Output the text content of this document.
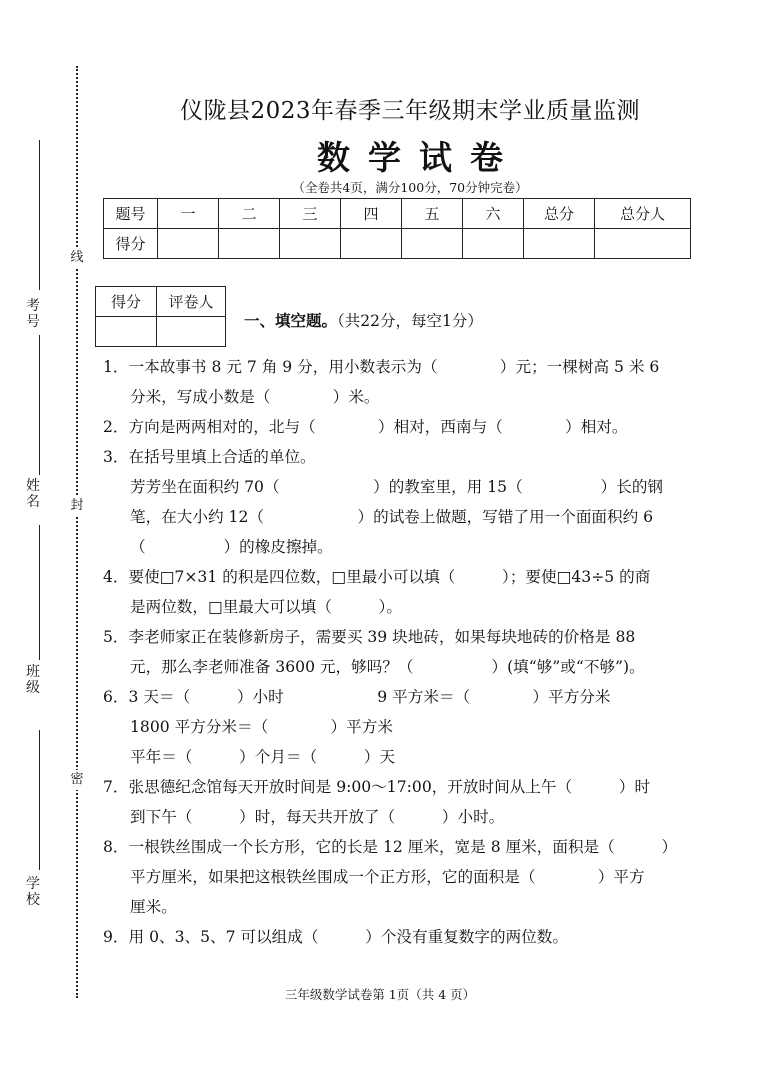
考号
姓名
班级
学校
线
封
密
仪陇县2023年春季三年级期末学业质量监测
数学试卷
（全卷共4页，满分100分，70分钟完卷）
题号	一	二	三	四	五	六	总分	总分人
得分								
得分	评卷人

一、填空题。（共22分，每空1分）
1．一本故事书 8 元 7 角 9 分，用小数表示为（　　　　）元；一棵树高 5 米 6
分米，写成小数是（　　　　）米。
2．方向是两两相对的，北与（　　　　）相对，西南与（　　　　）相对。
3．在括号里填上合适的单位。
芳芳坐在面积约 70（　　　　　　）的教室里，用 15（　　　　　）长的钢
笔，在大小约 12（　　　　　　）的试卷上做题，写错了用一个面面积约 6
（　　　　　）的橡皮擦掉。
4．要使□7×31 的积是四位数，□里最小可以填（　　　）；要使□43÷5 的商
是两位数，□里最大可以填（　　　）。
5．李老师家正在装修新房子，需要买 39 块地砖，如果每块地砖的价格是 88
元，那么李老师准备 3600 元，够吗？（　　　　　）(填“够”或“不够”)。
6．3 天＝（　　　）小时　　　　　　9 平方米＝（　　　　）平方分米
1800 平方分米＝（　　　　）平方米
平年＝（　　　）个月＝（　　　）天
7．张思德纪念馆每天开放时间是 9:00～17:00，开放时间从上午（　　　）时
到下午（　　　）时，每天共开放了（　　　）小时。
8．一根铁丝围成一个长方形，它的长是 12 厘米，宽是 8 厘米，面积是（　　　）
平方厘米，如果把这根铁丝围成一个正方形，它的面积是（　　　　）平方
厘米。
9．用 0、3、5、7 可以组成（　　　）个没有重复数字的两位数。
三年级数学试卷第 1页（共 4 页）
